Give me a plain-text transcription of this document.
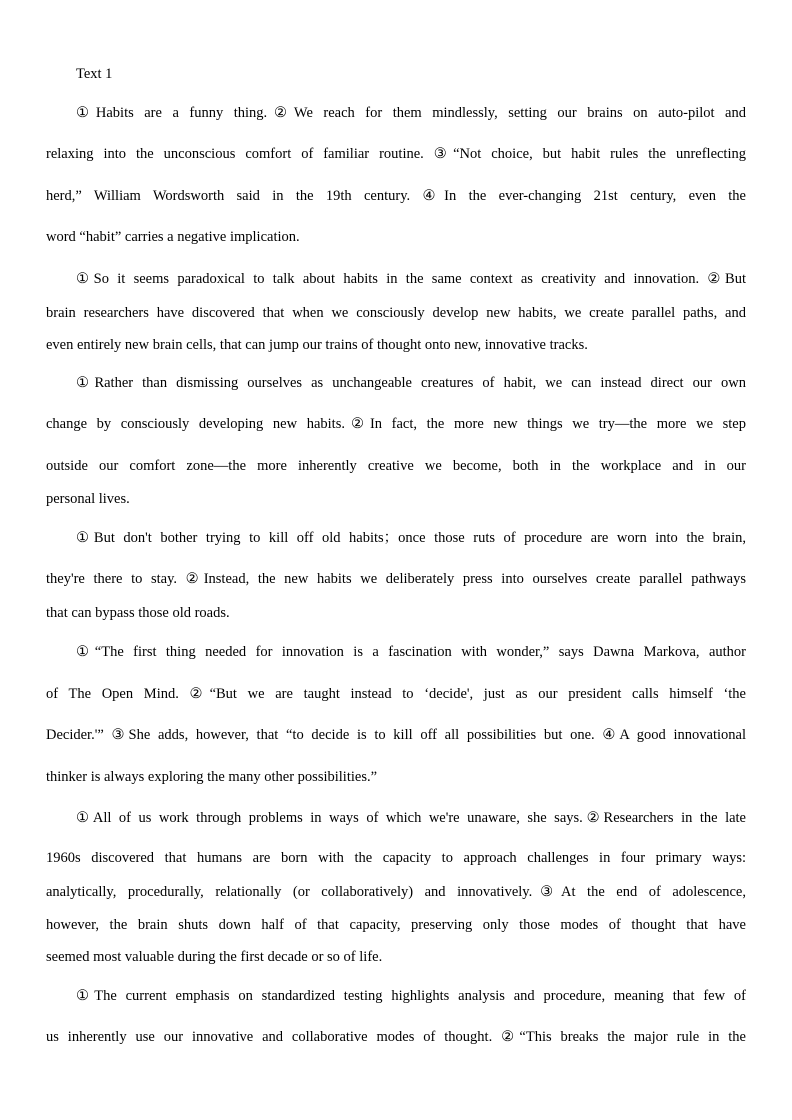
Text 1
①Habits are a funny thing.②We reach for them mindlessly, setting our brains on auto-pilot and
relaxing into the unconscious comfort of familiar routine. ③“Not choice, but habit rules the unreflecting
herd,” William Wordsworth said in the 19th century. ④In the ever-changing 21st century, even the
word “habit” carries a negative implication.
①So it seems paradoxical to talk about habits in the same context as creativity and innovation. ②But
brain researchers have discovered that when we consciously develop new habits, we create parallel paths, and
even entirely new brain cells, that can jump our trains of thought onto new, innovative tracks.
①Rather than dismissing ourselves as unchangeable creatures of habit, we can instead direct our own
change by consciously developing new habits.②In fact, the more new things we try—the more we step
outside our comfort zone—the more inherently creative we become, both in the workplace and in our
personal lives.
①But don't bother trying to kill off old habits；once those ruts of procedure are worn into the brain,
they're there to stay. ②Instead, the new habits we deliberately press into ourselves create parallel pathways
that can bypass those old roads.
①“The first thing needed for innovation is a fascination with wonder,” says Dawna Markova, author
of The Open Mind. ②“But we are taught instead to ‘decide', just as our president calls himself ‘the
Decider.'” ③She adds, however, that “to decide is to kill off all possibilities but one. ④A good innovational
thinker is always exploring the many other possibilities.”
①All of us work through problems in ways of which we're unaware, she says.②Researchers in the late
1960s discovered that humans are born with the capacity to approach challenges in four primary ways:
analytically, procedurally, relationally (or collaboratively) and innovatively.③At the end of adolescence,
however, the brain shuts down half of that capacity, preserving only those modes of thought that have
seemed most valuable during the first decade or so of life.
①The current emphasis on standardized testing highlights analysis and procedure, meaning that few of
us inherently use our innovative and collaborative modes of thought. ②“This breaks the major rule in the
